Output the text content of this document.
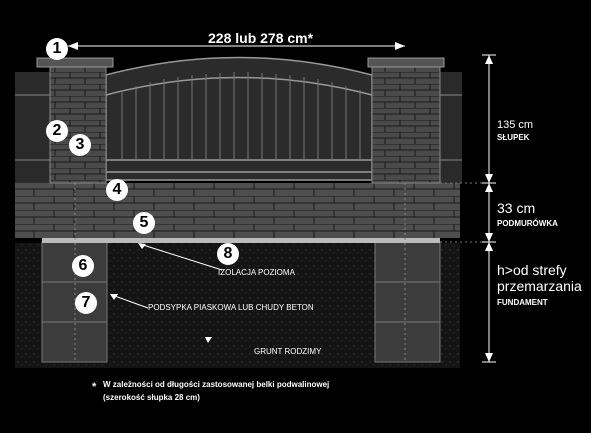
228 lub 278 cm*
1
2
3
4
5
6
7
8
135 cm
SŁUPEK
33 cm
PODMURÓWKA
h>od strefy
przemarzania
FUNDAMENT
IZOLACJA POZIOMA
PODSYPKA PIASKOWA LUB CHUDY BETON
GRUNT RODZIMY
* W zależności od długości zastosowanej belki podwalinowej
(szerokość słupka 28 cm)
